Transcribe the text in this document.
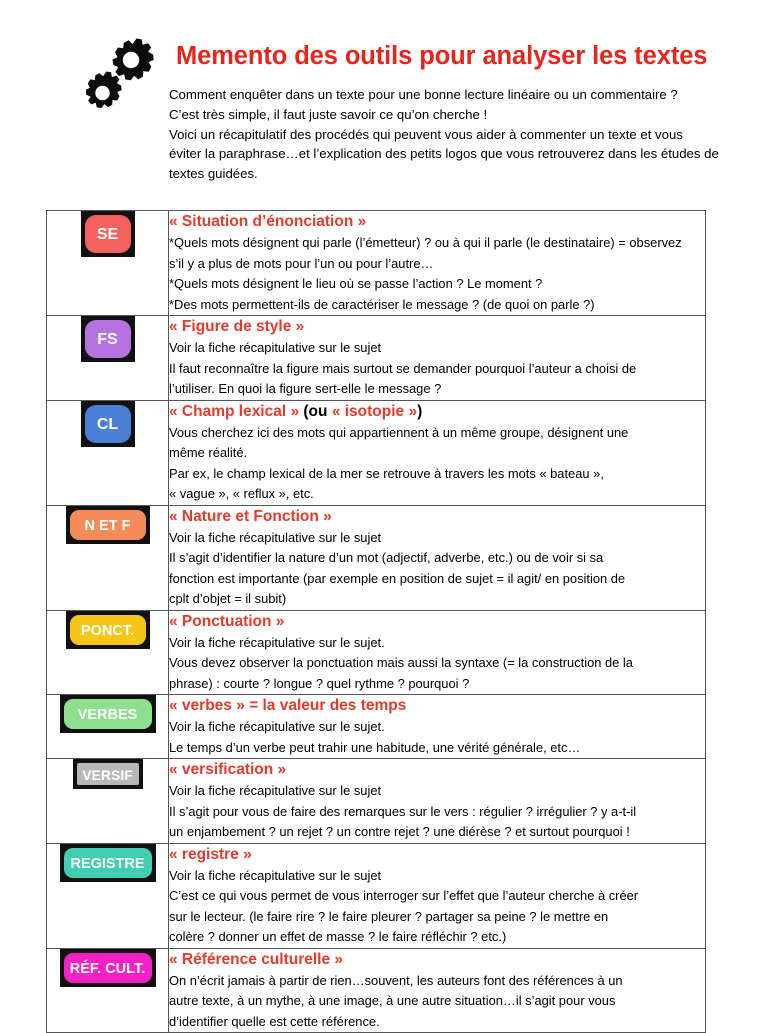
Memento des outils pour analyser les textes

Comment enquêter dans un texte pour une bonne lecture linéaire ou un commentaire ?

C’est très simple, il faut juste savoir ce qu’on cherche !

Voici un récapitulatif des procédés qui peuvent vous aider à commenter un texte et vous

éviter la paraphrase…et l’explication des petits logos que vous retrouverez dans les études de

textes guidées.

SE	« Situation d’énonciation »

*Quels mots désignent qui parle (l’émetteur) ? ou à qui il parle (le destinataire) = observez

s’il y a plus de mots pour l’un ou pour l’autre…

*Quels mots désignent le lieu où se passe l’action ? Le moment ?

*Des mots permettent-ils de caractériser le message ? (de quoi on parle ?)

FS	« Figure de style »

Voir la fiche récapitulative sur le sujet

Il faut reconnaître la figure mais surtout se demander pourquoi l’auteur a choisi de

l’utiliser. En quoi la figure sert-elle le message ?

CL	« Champ lexical » (ou « isotopie »)

Vous cherchez ici des mots qui appartiennent à un même groupe, désignent une

même réalité.

Par ex, le champ lexical de la mer se retrouve à travers les mots « bateau »,

« vague », « reflux », etc.

N ET F	« Nature et Fonction »

Voir la fiche récapitulative sur le sujet

Il s’agit d’identifier la nature d’un mot (adjectif, adverbe, etc.) ou de voir si sa

fonction est importante (par exemple en position de sujet = il agit/ en position de

cplt d’objet = il subit)

PONCT.	« Ponctuation »

Voir la fiche récapitulative sur le sujet.

Vous devez observer la ponctuation mais aussi la syntaxe (= la construction de la

phrase) : courte ? longue ? quel rythme ? pourquoi ?

VERBES	« verbes » = la valeur des temps

Voir la fiche récapitulative sur le sujet.

Le temps d’un verbe peut trahir une habitude, une vérité générale, etc…

VERSIF	« versification »

Voir la fiche récapitulative sur le sujet

Il s’agit pour vous de faire des remarques sur le vers : régulier ? irrégulier ? y a-t-il

un enjambement ? un rejet ? un contre rejet ? une diérèse ? et surtout pourquoi !

REGISTRE	« registre »

Voir la fiche récapitulative sur le sujet

C’est ce qui vous permet de vous interroger sur l’effet que l’auteur cherche à créer

sur le lecteur. (le faire rire ? le faire pleurer ? partager sa peine ? le mettre en

colère ? donner un effet de masse ? le faire réfléchir ? etc.)

RÉF. CULT.	« Référence culturelle »

On n’écrit jamais à partir de rien…souvent, les auteurs font des références à un

autre texte, à un mythe, à une image, à une autre situation…il s’agit pour vous

d’identifier quelle est cette référence.
